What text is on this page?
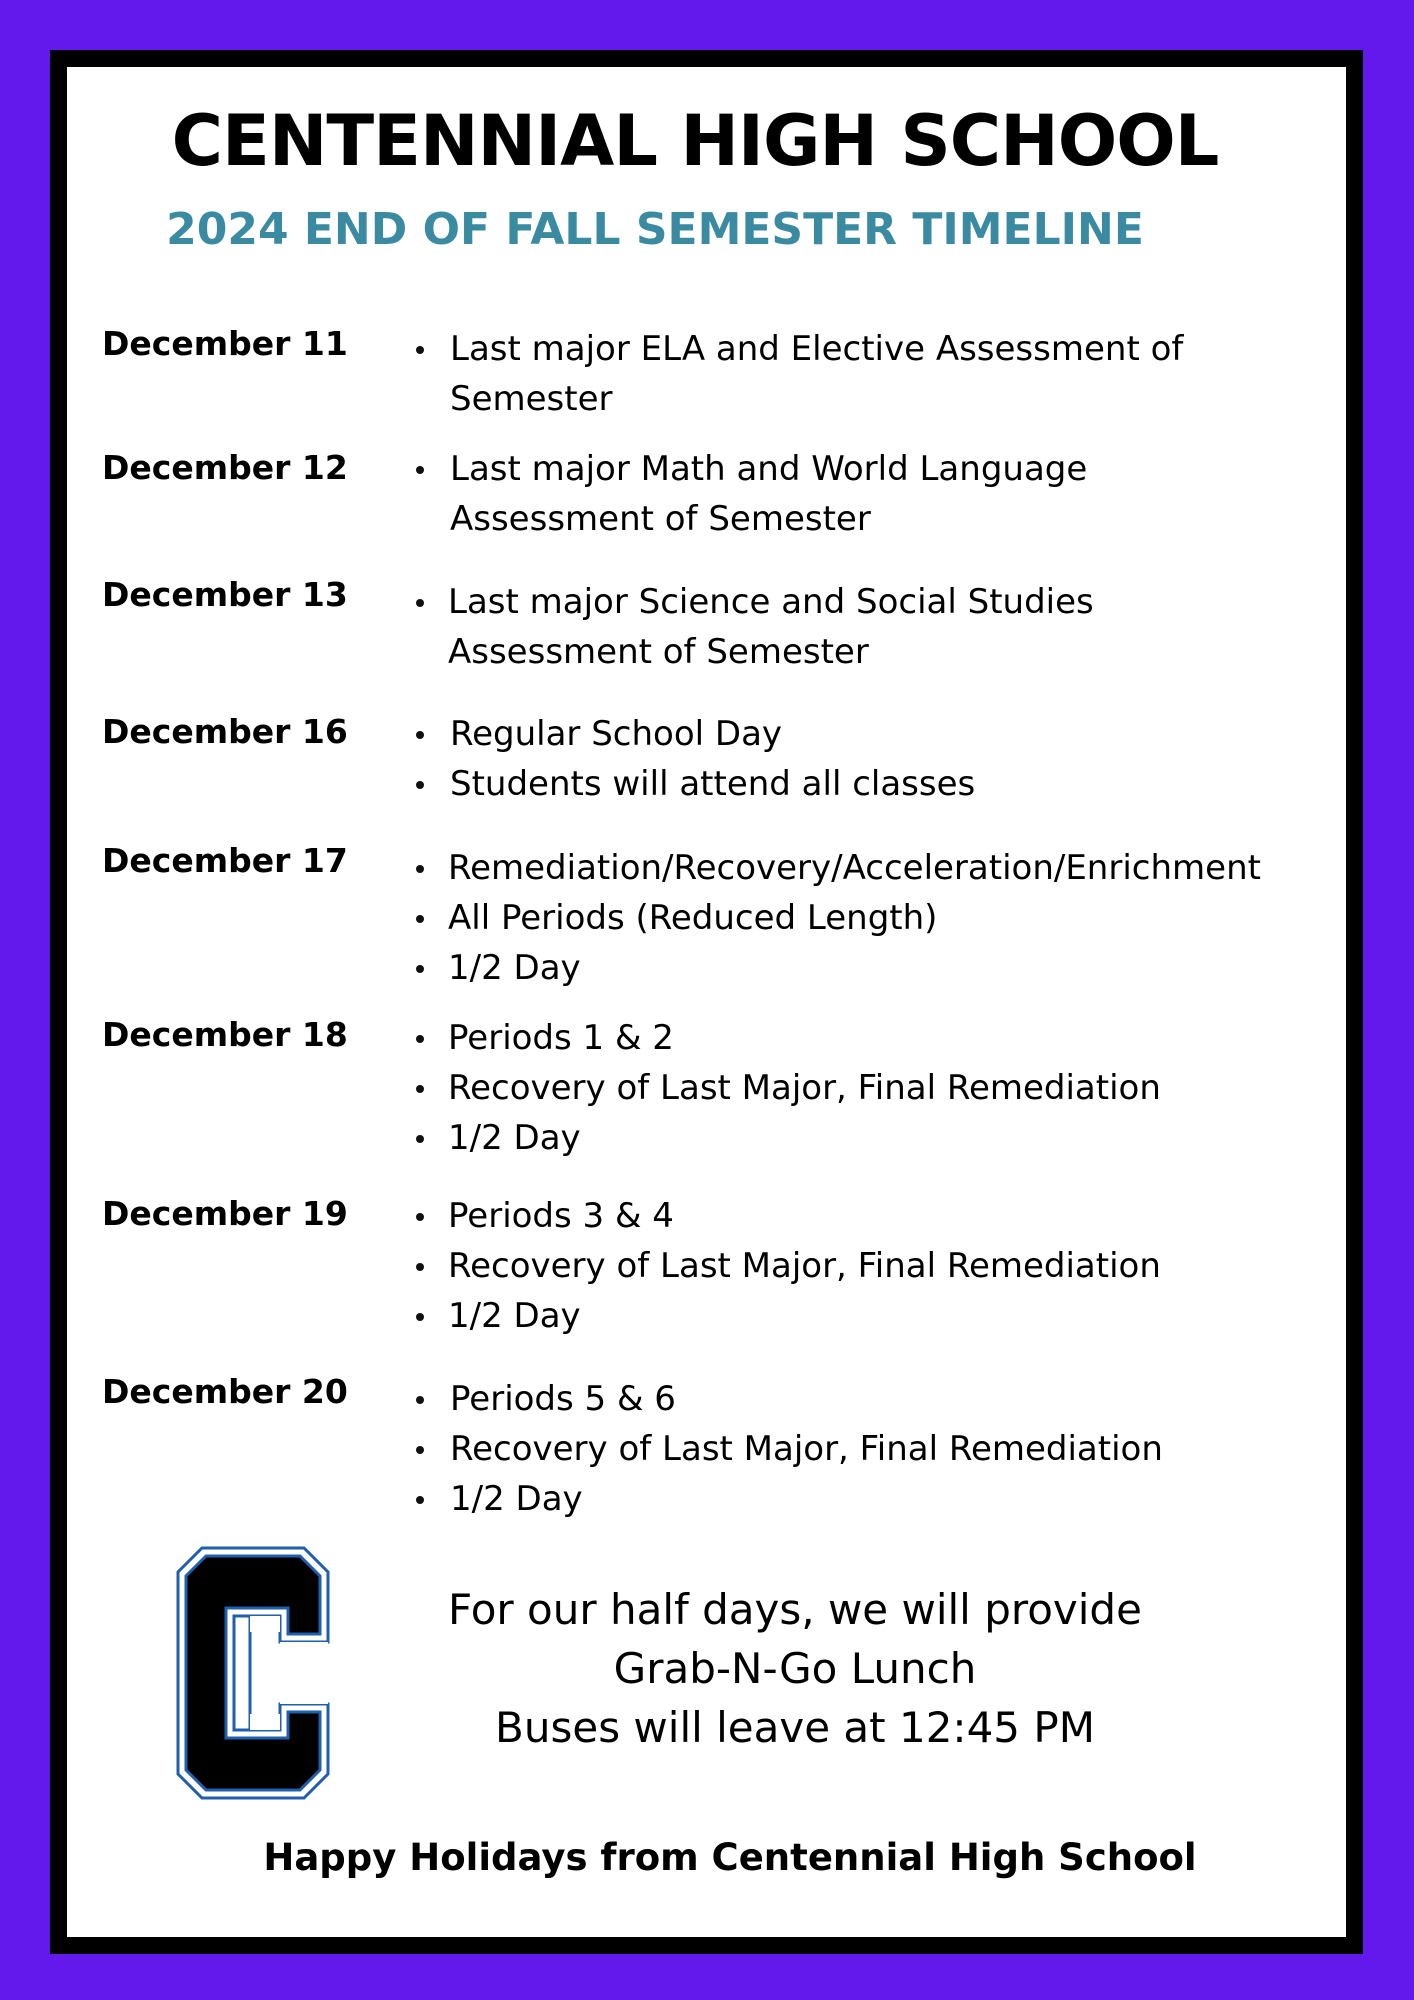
CENTENNIAL HIGH SCHOOL
2024 END OF FALL SEMESTER TIMELINE
December 11	Last major ELA and Elective Assessment of
Semester
December 12	Last major Math and World Language
Assessment of Semester
December 13	Last major Science and Social Studies
Assessment of Semester
December 16	Regular School Day
Students will attend all classes
December 17	Remediation/Recovery/Acceleration/Enrichment
All Periods (Reduced Length)
1/2 Day
December 18	Periods 1 & 2
Recovery of Last Major, Final Remediation
1/2 Day
December 19	Periods 3 & 4
Recovery of Last Major, Final Remediation
1/2 Day
December 20	Periods 5 & 6
Recovery of Last Major, Final Remediation
1/2 Day
For our half days, we will provide
Grab-N-Go Lunch
Buses will leave at 12:45 PM
Happy Holidays from Centennial High School
